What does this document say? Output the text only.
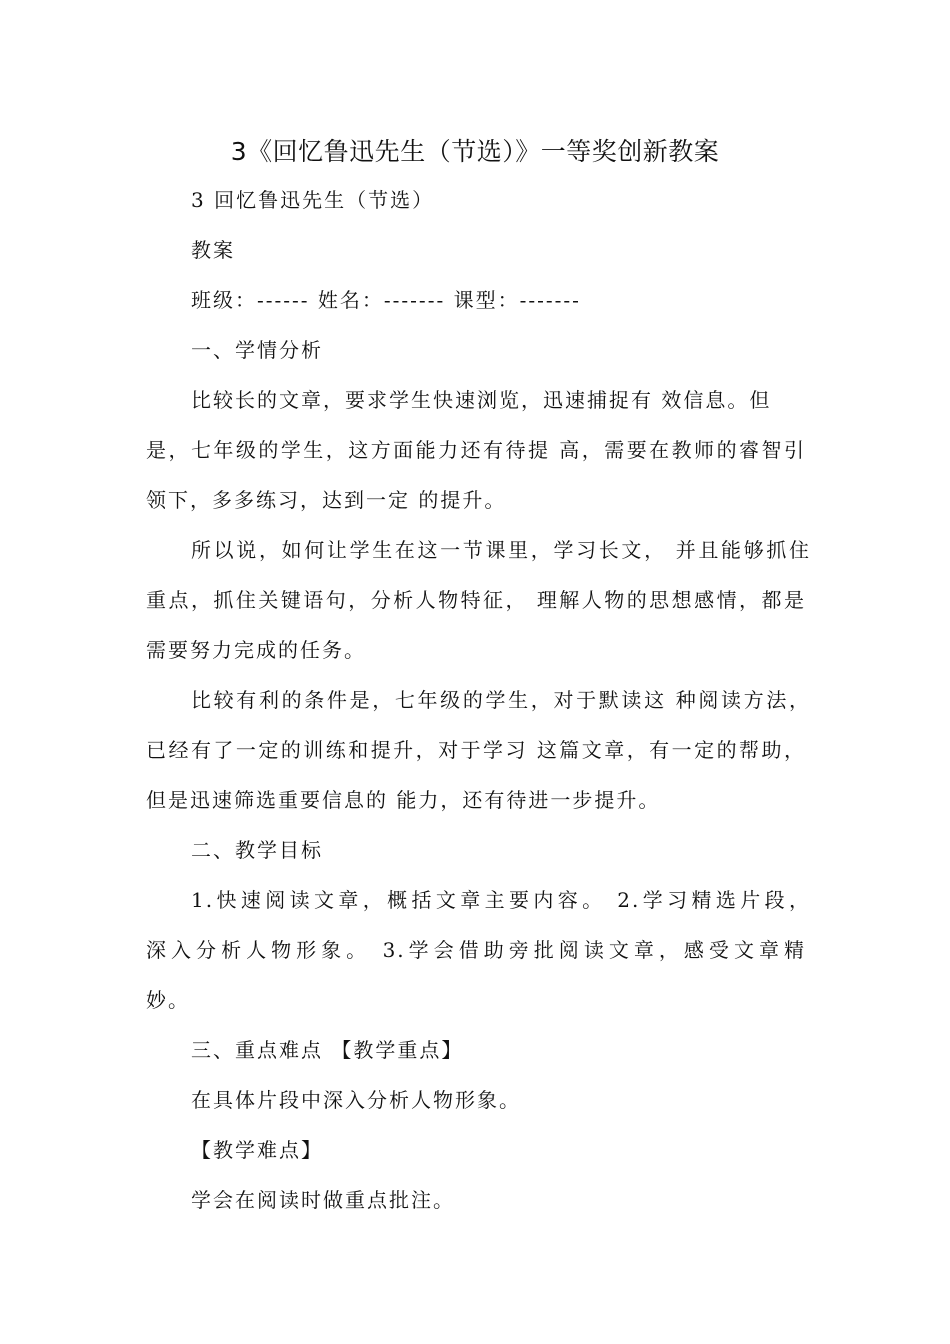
3《回忆鲁迅先生（节选）》一等奖创新教案
3 回忆鲁迅先生（节选）
教案
班级：------ 姓名：------- 课型：-------
一、学情分析
比较长的文章，要求学生快速浏览，迅速捕捉有 效信息。但
是，七年级的学生，这方面能力还有待提 高，需要在教师的睿智引
领下，多多练习，达到一定 的提升。
所以说，如何让学生在这一节课里，学习长文， 并且能够抓住
重点，抓住关键语句，分析人物特征， 理解人物的思想感情，都是
需要努力完成的任务。
比较有利的条件是，七年级的学生，对于默读这 种阅读方法，
已经有了一定的训练和提升，对于学习 这篇文章，有一定的帮助，
但是迅速筛选重要信息的 能力，还有待进一步提升。
二、教学目标
1.快速阅读文章，概括文章主要内容。 2.学习精选片段，
深入分析人物形象。 3.学会借助旁批阅读文章，感受文章精
妙。
三、重点难点 【教学重点】
在具体片段中深入分析人物形象。
【教学难点】
学会在阅读时做重点批注。
